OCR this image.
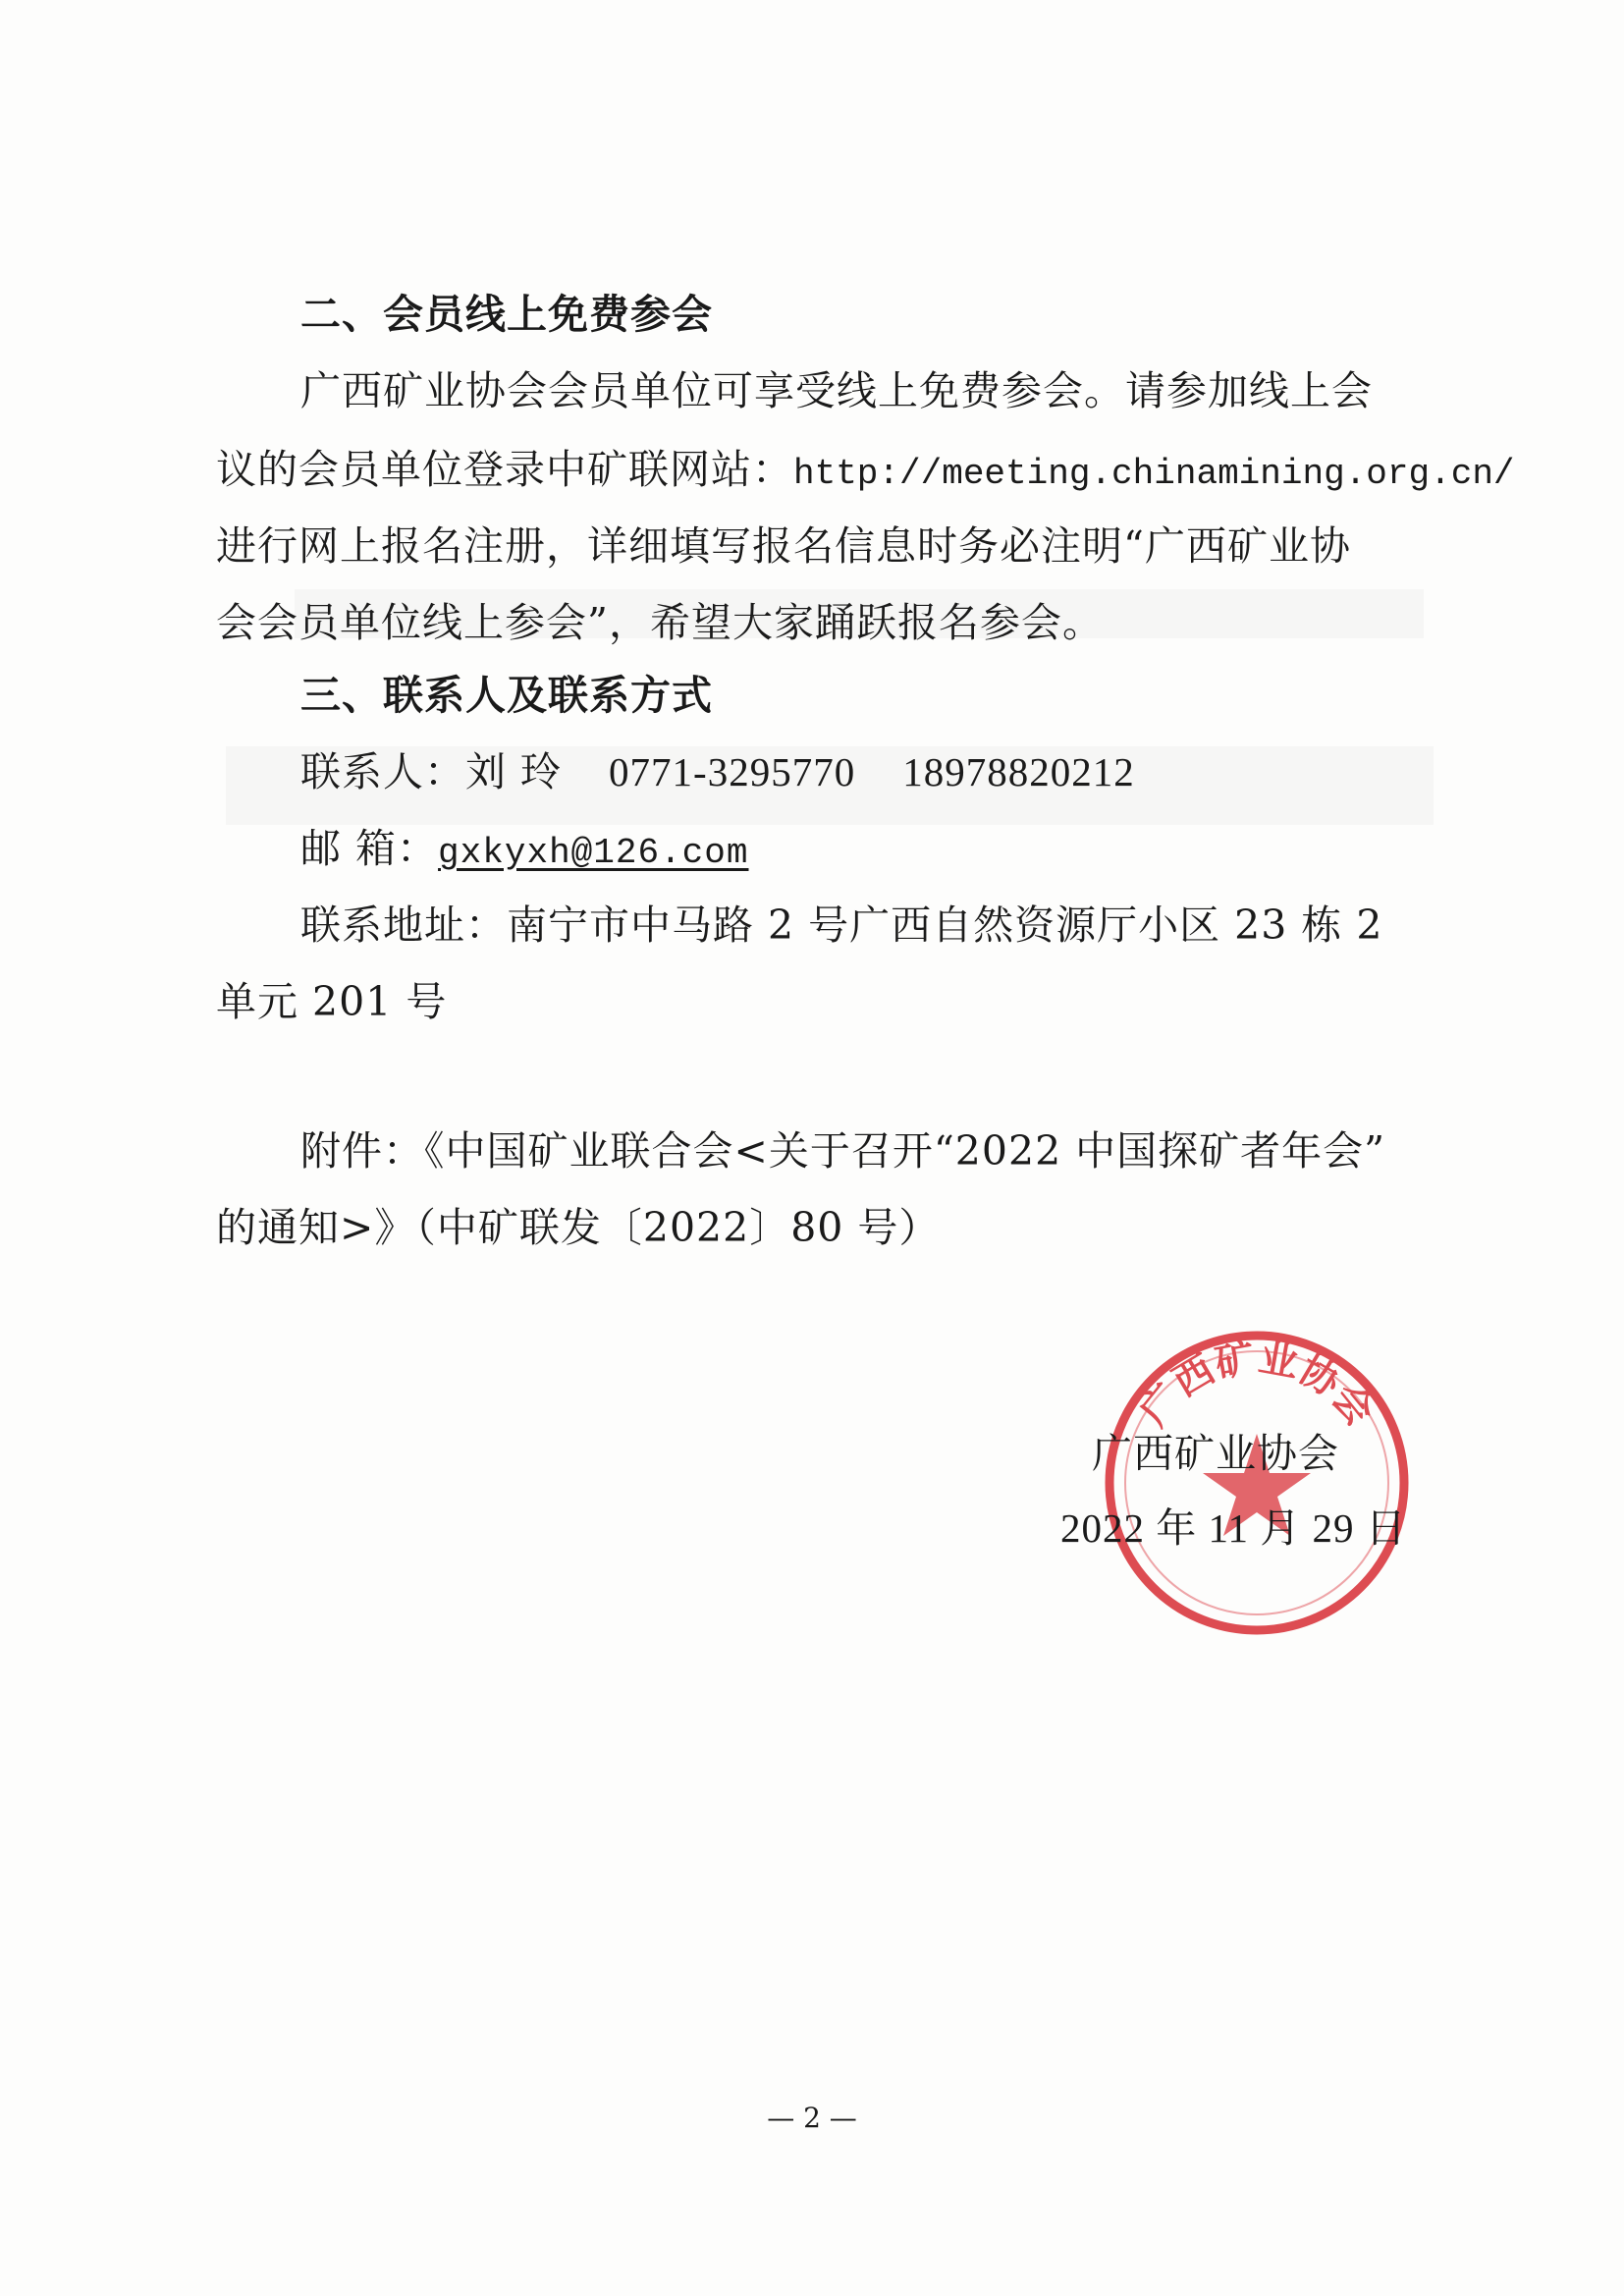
二、会员线上免费参会
广西矿业协会会员单位可享受线上免费参会。请参加线上会
议的会员单位登录中矿联网站：http://meeting.chinamining.org.cn/
进行网上报名注册，详细填写报名信息时务必注明“广西矿业协
会会员单位线上参会”，希望大家踊跃报名参会。
三、联系人及联系方式
联系人：刘 玲 0771-3295770 18978820212
邮 箱：gxkyxh@126.com
联系地址：南宁市中马路 2 号广西自然资源厅小区 23 栋 2
单元 201 号
附件：《中国矿业联合会<关于召开“2022 中国探矿者年会”
的通知>》（中矿联发〔2022〕80 号）
广西矿业协会
广西矿业协会
2022 年 11 月 29 日
— 2 —
